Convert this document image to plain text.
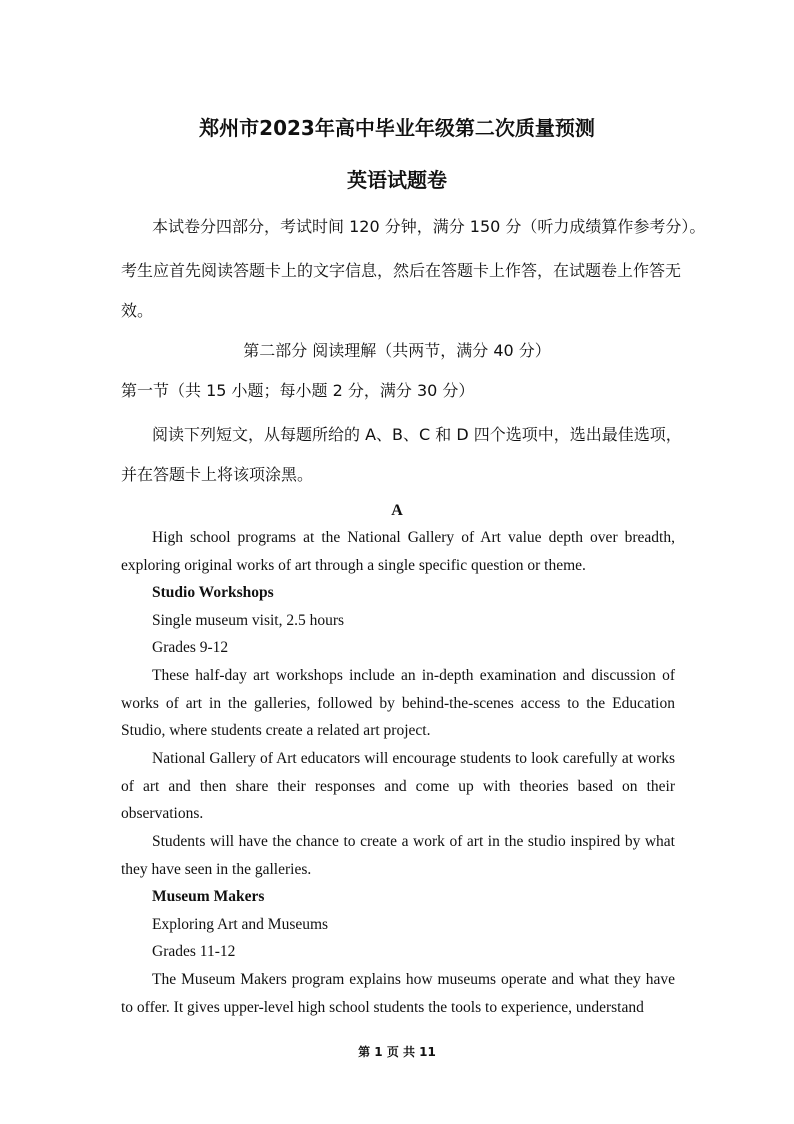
郑州市2023年高中毕业年级第二次质量预测
英语试题卷
本试卷分四部分，考试时间 120 分钟，满分 150 分（听力成绩算作参考分）。
考生应首先阅读答题卡上的文字信息，然后在答题卡上作答，在试题卷上作答无
效。
第二部分 阅读理解（共两节，满分 40 分）
第一节（共 15 小题；每小题 2 分，满分 30 分）
阅读下列短文，从每题所给的 A、B、C 和 D 四个选项中，选出最佳选项，
并在答题卡上将该项涂黑。
A

High school programs at the National Gallery of Art value depth over breadth, exploring original works of art through a single specific question or theme.

Studio Workshops
Single museum visit, 2.5 hours
Grades 9-12

These half-day art workshops include an in-depth examination and discussion of works of art in the galleries, followed by behind-the-scenes access to the Education Studio, where students create a related art project.

National Gallery of Art educators will encourage students to look carefully at works of art and then share their responses and come up with theories based on their observations.

Students will have the chance to create a work of art in the studio inspired by what they have seen in the galleries.

Museum Makers
Exploring Art and Museums
Grades 11-12

The Museum Makers program explains how museums operate and what they have to offer. It gives upper-level high school students the tools to experience, understand

第 1 页 共 11
